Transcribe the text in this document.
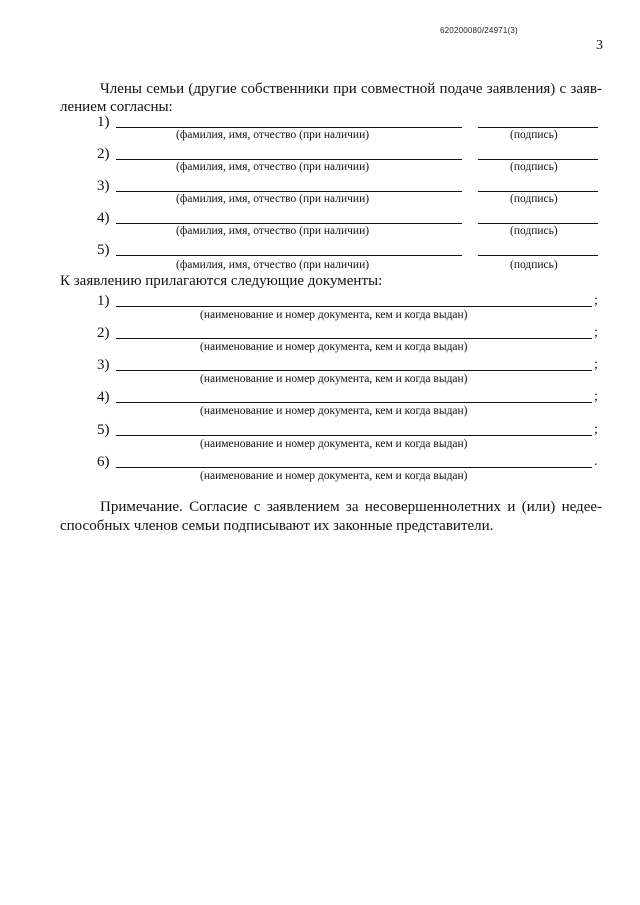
620200080/24971(3)
3
Члены семьи (другие собственники при совместной подаче заявления) с заяв-
лением согласны:
1)
(фамилия, имя, отчество (при наличии)	(подпись)
2)
(фамилия, имя, отчество (при наличии)	(подпись)
3)
(фамилия, имя, отчество (при наличии)	(подпись)
4)
(фамилия, имя, отчество (при наличии)	(подпись)
5)
(фамилия, имя, отчество (при наличии)	(подпись)
К заявлению прилагаются следующие документы:
1)	;
(наименование и номер документа, кем и когда выдан)
2)	;
(наименование и номер документа, кем и когда выдан)
3)	;
(наименование и номер документа, кем и когда выдан)
4)	;
(наименование и номер документа, кем и когда выдан)
5)	;
(наименование и номер документа, кем и когда выдан)
6)	.
(наименование и номер документа, кем и когда выдан)
Примечание. Согласие с заявлением за несовершеннолетних и (или) недее-
способных членов семьи подписывают их законные представители.
